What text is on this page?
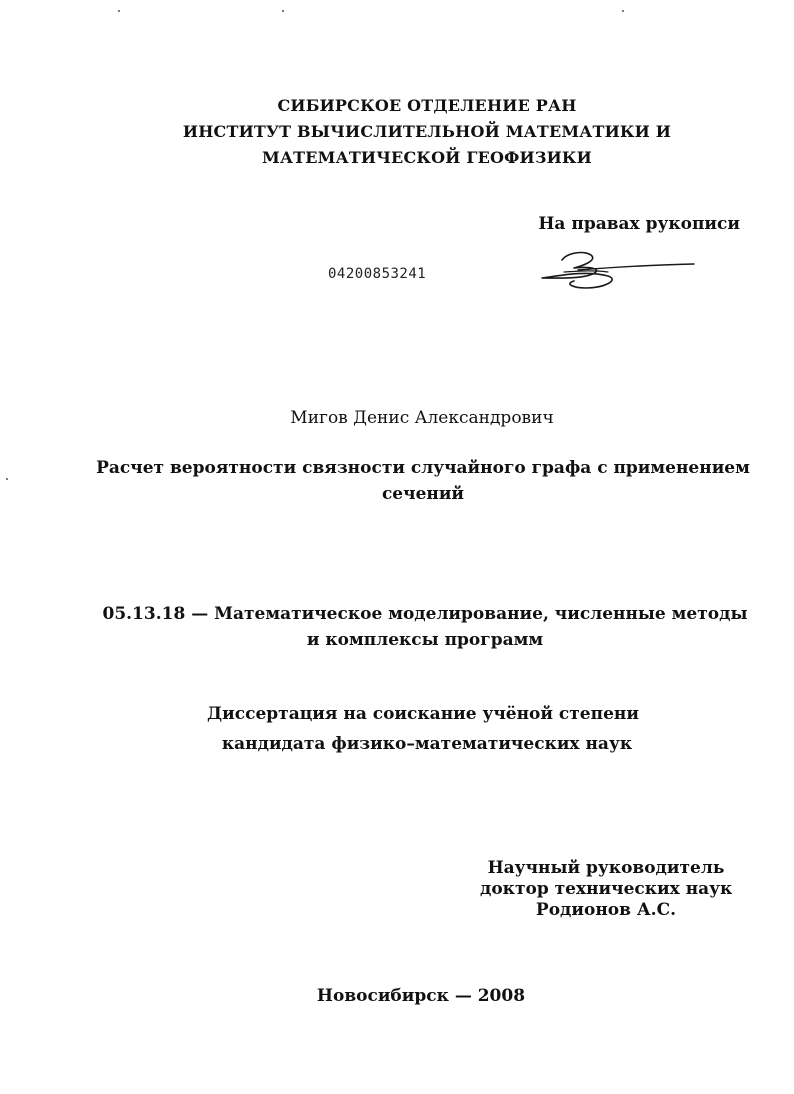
СИБИРСКОЕ ОТДЕЛЕНИЕ РАН
ИНСТИТУТ ВЫЧИСЛИТЕЛЬНОЙ МАТЕМАТИКИ И
МАТЕМАТИЧЕСКОЙ ГЕОФИЗИКИ
На правах рукописи
04200853241
Мигов Денис Александрович
Расчет вероятности связности случайного графа с применением
сечений
05.13.18 — Математическое моделирование, численные методы
и комплексы программ
Диссертация на соискание учёной степени
кандидата физико–математических наук
Научный руководитель
доктор технических наук
Родионов А.С.
Новосибирск — 2008
